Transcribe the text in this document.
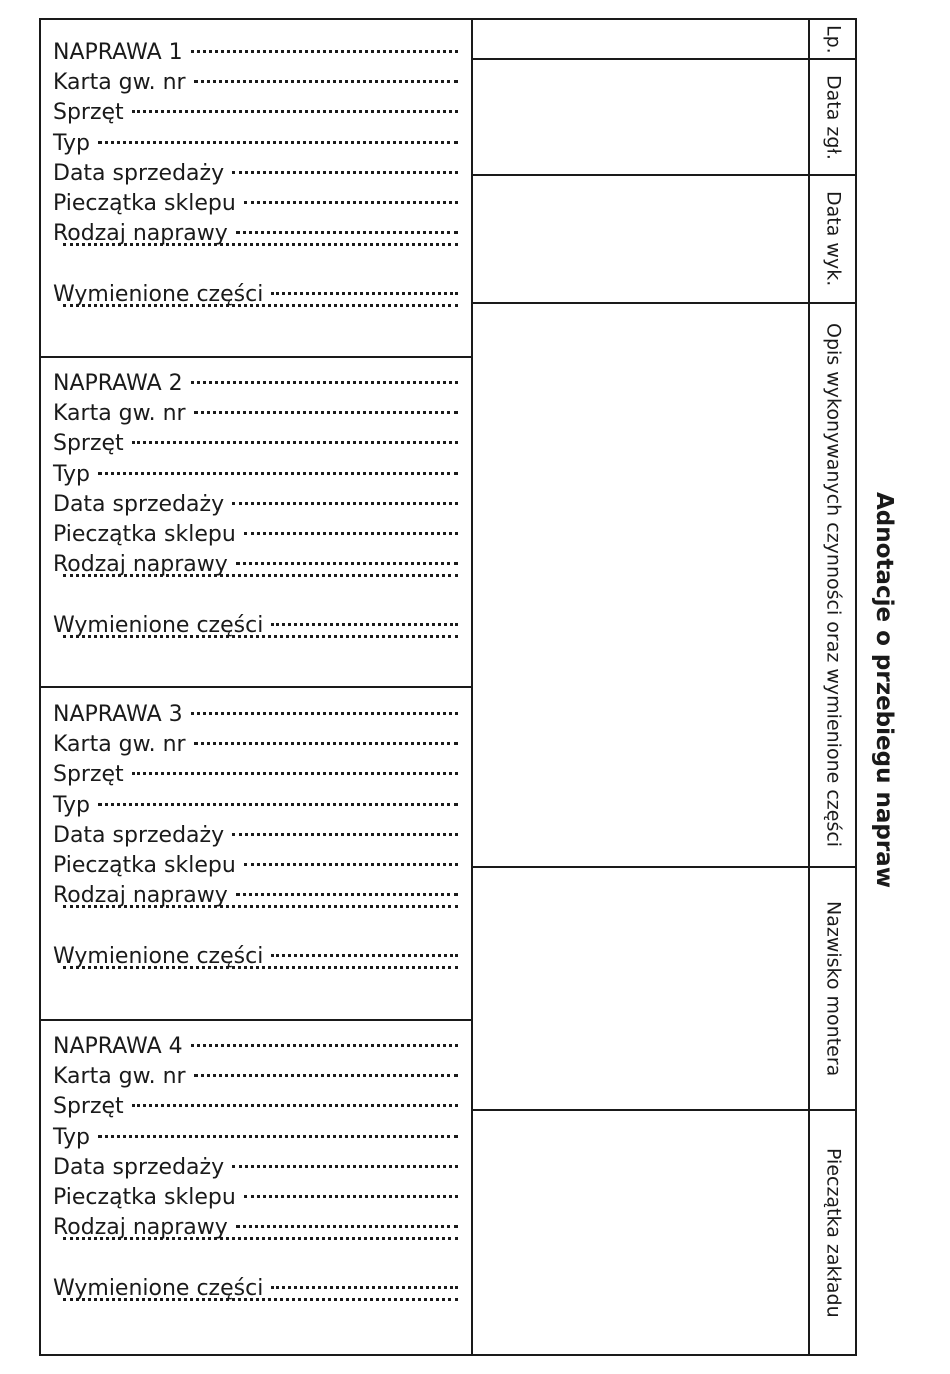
Lp.
Data zgł.
Data wyk.
Opis wykonywanych czynności oraz wymienione części
Nazwisko montera
Pieczątka zakładu
Adnotacje o przebiegu napraw
NAPRAWA 1
Karta gw. nr
Sprzęt
Typ
Data sprzedaży
Pieczątka sklepu
Rodzaj naprawy
Wymienione części
NAPRAWA 2
Karta gw. nr
Sprzęt
Typ
Data sprzedaży
Pieczątka sklepu
Rodzaj naprawy
Wymienione części
NAPRAWA 3
Karta gw. nr
Sprzęt
Typ
Data sprzedaży
Pieczątka sklepu
Rodzaj naprawy
Wymienione części
NAPRAWA 4
Karta gw. nr
Sprzęt
Typ
Data sprzedaży
Pieczątka sklepu
Rodzaj naprawy
Wymienione części
